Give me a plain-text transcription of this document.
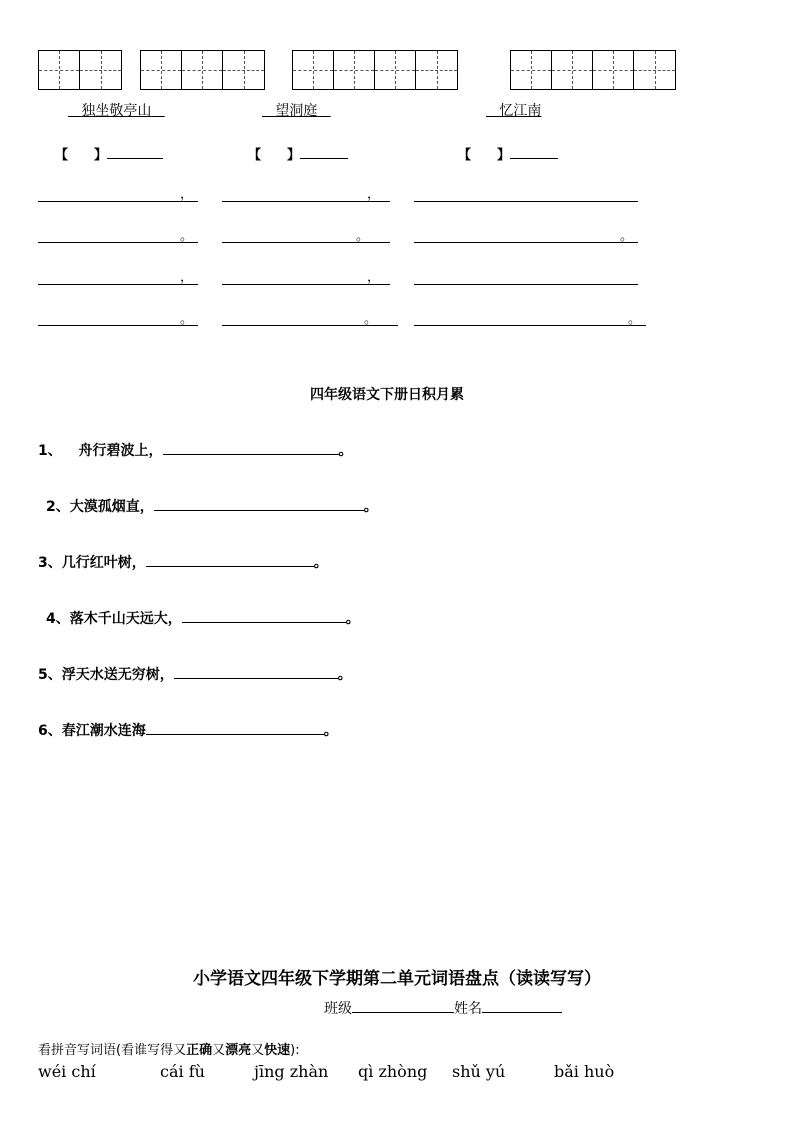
独坐敬亭山	望洞庭	忆江南
【　　】	【　　】	【　　】
，	，
。	。	。
，	，
。	。	。
四年级语文下册日积月累
1、　  舟行碧波上，	。
2、大漠孤烟直，	。
3、几行红叶树，	。
4、落木千山天远大，	。
5、浮天水送无穷树，	。
6、春江潮水连海	。
小学语文四年级下学期第二单元词语盘点（读读写写）
班级	姓名
看拼音写词语(看谁写得又正确又漂亮又快速):
wéi chí	cái fù	jīng zhàn qì zhòng shǔ yú	bǎi huò
